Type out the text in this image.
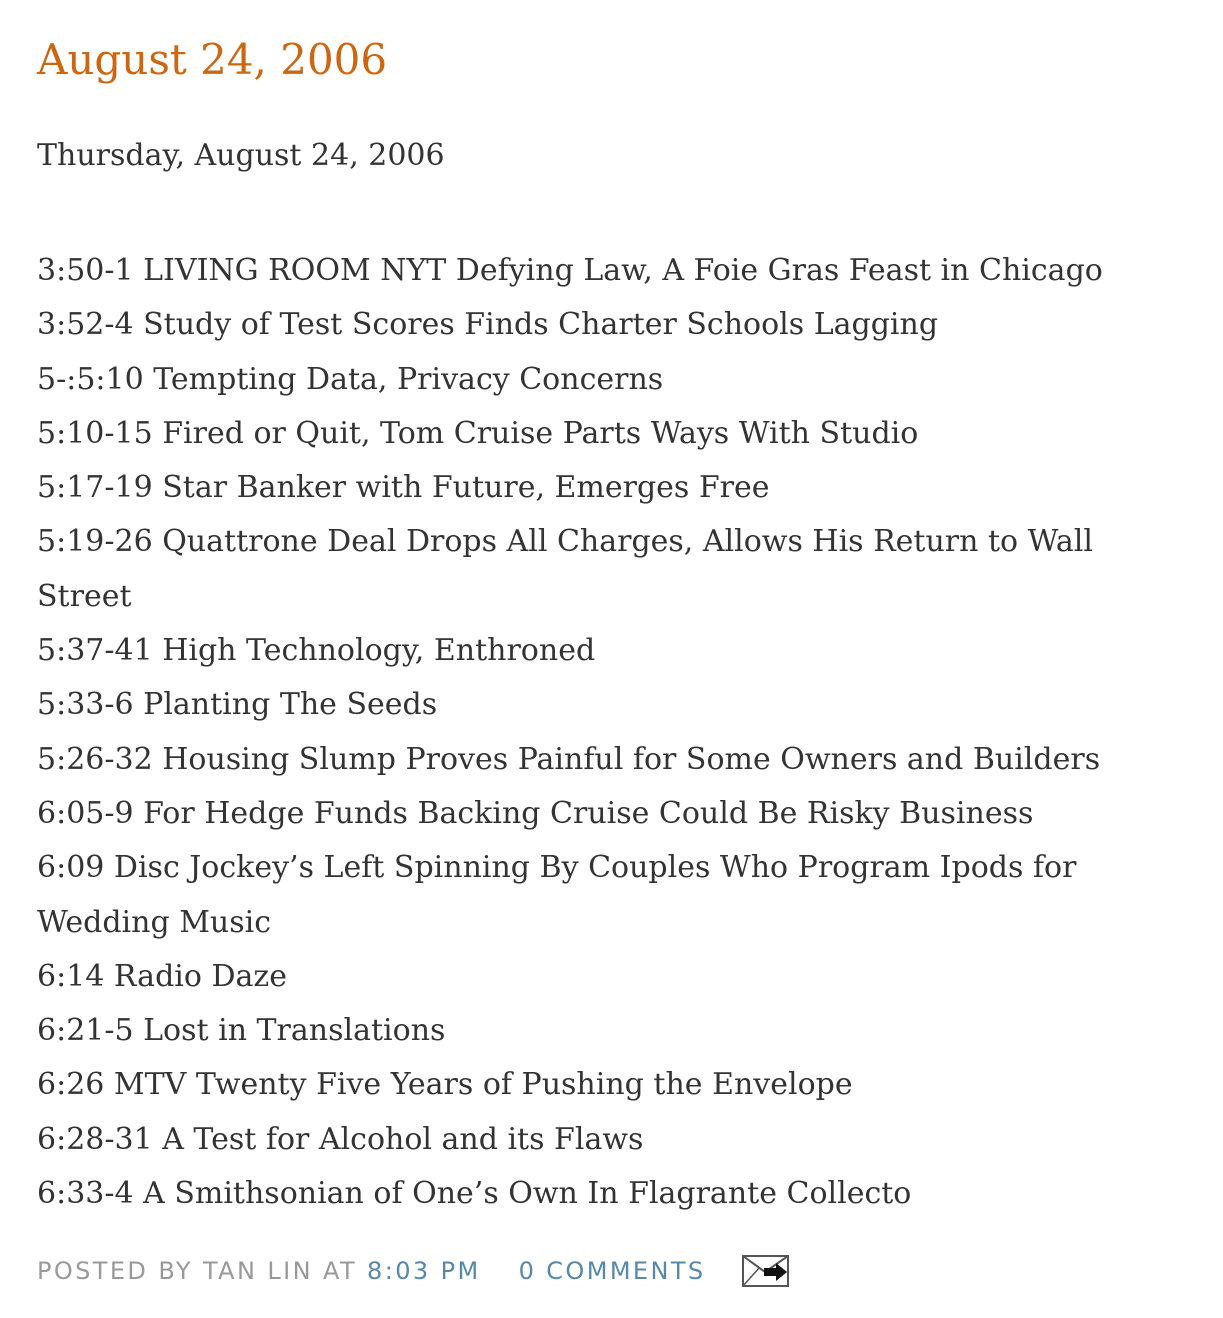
August 24, 2006
Thursday, August 24, 2006
3:50-1 LIVING ROOM NYT Defying Law, A Foie Gras Feast in Chicago
3:52-4 Study of Test Scores Finds Charter Schools Lagging
5-:5:10 Tempting Data, Privacy Concerns
5:10-15 Fired or Quit, Tom Cruise Parts Ways With Studio
5:17-19 Star Banker with Future, Emerges Free
5:19-26 Quattrone Deal Drops All Charges, Allows His Return to Wall Street
5:37-41 High Technology, Enthroned
5:33-6 Planting The Seeds
5:26-32 Housing Slump Proves Painful for Some Owners and Builders
6:05-9 For Hedge Funds Backing Cruise Could Be Risky Business
6:09 Disc Jockey’s Left Spinning By Couples Who Program Ipods for Wedding Music
6:14 Radio Daze
6:21-5 Lost in Translations
6:26 MTV Twenty Five Years of Pushing the Envelope
6:28-31 A Test for Alcohol and its Flaws
6:33-4 A Smithsonian of One’s Own In Flagrante Collecto
POSTED BY TAN LIN AT
8:03 PM 0 COMMENTS
